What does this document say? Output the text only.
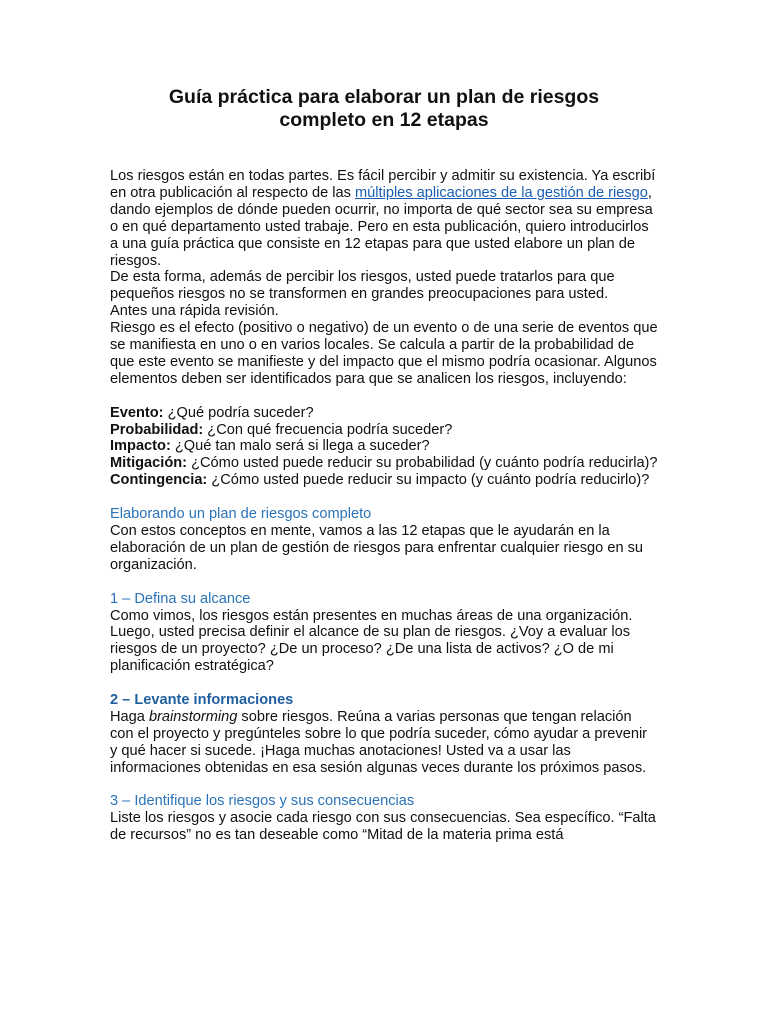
Guía práctica para elaborar un plan de riesgos
completo en 12 etapas

Los riesgos están en todas partes. Es fácil percibir y admitir su existencia. Ya escribí en otra publicación al respecto de las múltiples aplicaciones de la gestión de riesgo, dando ejemplos de dónde pueden ocurrir, no importa de qué sector sea su empresa o en qué departamento usted trabaje. Pero en esta publicación, quiero introducirlos a una guía práctica que consiste en 12 etapas para que usted elabore un plan de riesgos.

De esta forma, además de percibir los riesgos, usted puede tratarlos para que pequeños riesgos no se transformen en grandes preocupaciones para usted.

Antes una rápida revisión.

Riesgo es el efecto (positivo o negativo) de un evento o de una serie de eventos que se manifiesta en uno o en varios locales. Se calcula a partir de la probabilidad de que este evento se manifieste y del impacto que el mismo podría ocasionar. Algunos elementos deben ser identificados para que se analicen los riesgos, incluyendo:

Evento: ¿Qué podría suceder?

Probabilidad: ¿Con qué frecuencia podría suceder?

Impacto: ¿Qué tan malo será si llega a suceder?

Mitigación: ¿Cómo usted puede reducir su probabilidad (y cuánto podría reducirla)?

Contingencia: ¿Cómo usted puede reducir su impacto (y cuánto podría reducirlo)?

Elaborando un plan de riesgos completo

Con estos conceptos en mente, vamos a las 12 etapas que le ayudarán en la elaboración de un plan de gestión de riesgos para enfrentar cualquier riesgo en su organización.

1 – Defina su alcance

Como vimos, los riesgos están presentes en muchas áreas de una organización. Luego, usted precisa definir el alcance de su plan de riesgos. ¿Voy a evaluar los riesgos de un proyecto? ¿De un proceso? ¿De una lista de activos? ¿O de mi planificación estratégica?

2 – Levante informaciones

Haga brainstorming sobre riesgos. Reúna a varias personas que tengan relación con el proyecto y pregúnteles sobre lo que podría suceder, cómo ayudar a prevenir y qué hacer si sucede. ¡Haga muchas anotaciones! Usted va a usar las informaciones obtenidas en esa sesión algunas veces durante los próximos pasos.

3 – Identifique los riesgos y sus consecuencias

Liste los riesgos y asocie cada riesgo con sus consecuencias. Sea específico. “Falta de recursos” no es tan deseable como “Mitad de la materia prima está
